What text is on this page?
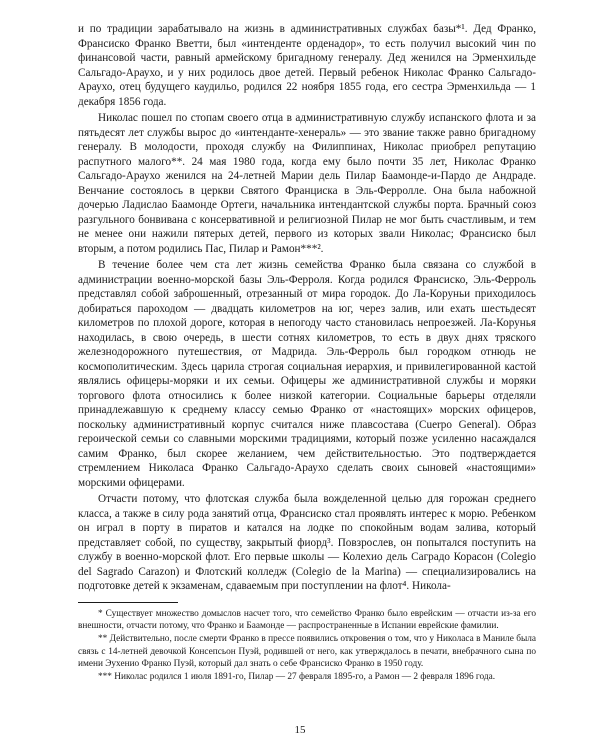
и по традиции зарабатывало на жизнь в административных службах базы*¹. Дед Франко, Франсиско Франко Вветти, был «интенденте орденадор», то есть получил высокий чин по финансовой части, равный армейскому бригадному генералу. Дед женился на Эрменхильде Сальгадо-Араухо, и у них родилось двое детей. Первый ребенок Николас Франко Сальгадо-Араухо, отец будущего каудильо, родился 22 ноября 1855 года, его сестра Эрменхильда — 1 декабря 1856 года.

Николас пошел по стопам своего отца в административную службу испанского флота и за пятьдесят лет службы вырос до «интенданте-хенераль» — это звание также равно бригадному генералу. В молодости, проходя службу на Филиппинах, Николас приобрел репутацию распутного малого**. 24 мая 1980 года, когда ему было почти 35 лет, Николас Франко Сальгадо-Араухо женился на 24-летней Марии дель Пилар Баамонде-и-Пардо де Андраде. Венчание состоялось в церкви Святого Франциска в Эль-Ферролле. Она была набожной дочерью Ладислао Баамонде Ортеги, начальника интендантской службы порта. Брачный союз разгульного бонвивана с консервативной и религиозной Пилар не мог быть счастливым, и тем не менее они нажили пятерых детей, первого из которых звали Николас; Франсиско был вторым, а потом родились Пас, Пилар и Рамон***².

В течение более чем ста лет жизнь семейства Франко была связана со службой в администрации военно-морской базы Эль-Ферроля. Когда родился Франсиско, Эль-Ферроль представлял собой заброшенный, отрезанный от мира городок. До Ла-Коруньи приходилось добираться пароходом — двадцать километров на юг, через залив, или ехать шестьдесят километров по плохой дороге, которая в непогоду часто становилась непроезжей. Ла-Корунья находилась, в свою очередь, в шести сотнях километров, то есть в двух днях тряского железнодорожного путешествия, от Мадрида. Эль-Ферроль был городком отнюдь не космополитическим. Здесь царила строгая социальная иерархия, и привилегированной кастой являлись офицеры-моряки и их семьи. Офицеры же административной службы и моряки торгового флота относились к более низкой категории. Социальные барьеры отделяли принадлежавшую к среднему классу семью Франко от «настоящих» морских офицеров, поскольку административный корпус считался ниже плавсостава (Cuerpo General). Образ героической семьи со славными морскими традициями, который позже усиленно насаждался самим Франко, был скорее желанием, чем действительностью. Это подтверждается стремлением Николаса Франко Сальгадо-Араухо сделать своих сыновей «настоящими» морскими офицерами.

Отчасти потому, что флотская служба была вожделенной целью для горожан среднего класса, а также в силу рода занятий отца, Франсиско стал проявлять интерес к морю. Ребенком он играл в порту в пиратов и катался на лодке по спокойным водам залива, который представляет собой, по существу, закрытый фиорд³. Повзрослев, он попытался поступить на службу в военно-морской флот. Его первые школы — Колехио дель Саградо Корасон (Colegio del Sagrado Carazon) и Флотский колледж (Colegio de la Marina) — специализировались на подготовке детей к экзаменам, сдаваемым при поступлении на флот⁴. Никола-

* Существует множество домыслов насчет того, что семейство Франко было еврейским — отчасти из-за его внешности, отчасти потому, что Франко и Баамонде — распространенные в Испании еврейские фамилии.

** Действительно, после смерти Франко в прессе появились откровения о том, что у Николаса в Маниле была связь с 14-летней девочкой Консепсьон Пуэй, родившей от него, как утверждалось в печати, внебрачного сына по имени Эухенио Франко Пуэй, который дал знать о себе Франсиско Франко в 1950 году.

*** Николас родился 1 июля 1891-го, Пилар — 27 февраля 1895-го, а Рамон — 2 февраля 1896 года.

15
